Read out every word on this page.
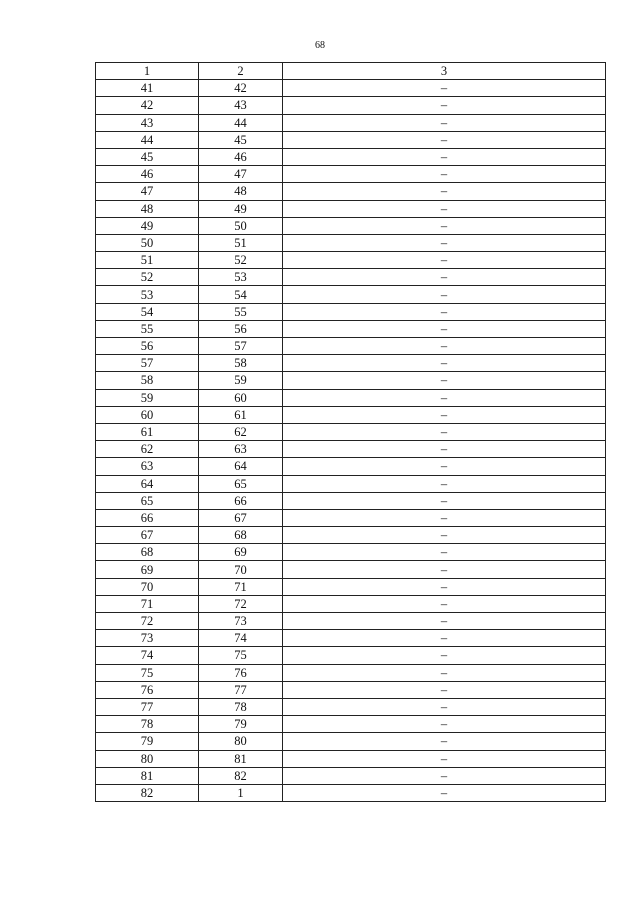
68
1	2	3
41	42	–
42	43	–
43	44	–
44	45	–
45	46	–
46	47	–
47	48	–
48	49	–
49	50	–
50	51	–
51	52	–
52	53	–
53	54	–
54	55	–
55	56	–
56	57	–
57	58	–
58	59	–
59	60	–
60	61	–
61	62	–
62	63	–
63	64	–
64	65	–
65	66	–
66	67	–
67	68	–
68	69	–
69	70	–
70	71	–
71	72	–
72	73	–
73	74	–
74	75	–
75	76	–
76	77	–
77	78	–
78	79	–
79	80	–
80	81	–
81	82	–
82	1	–
